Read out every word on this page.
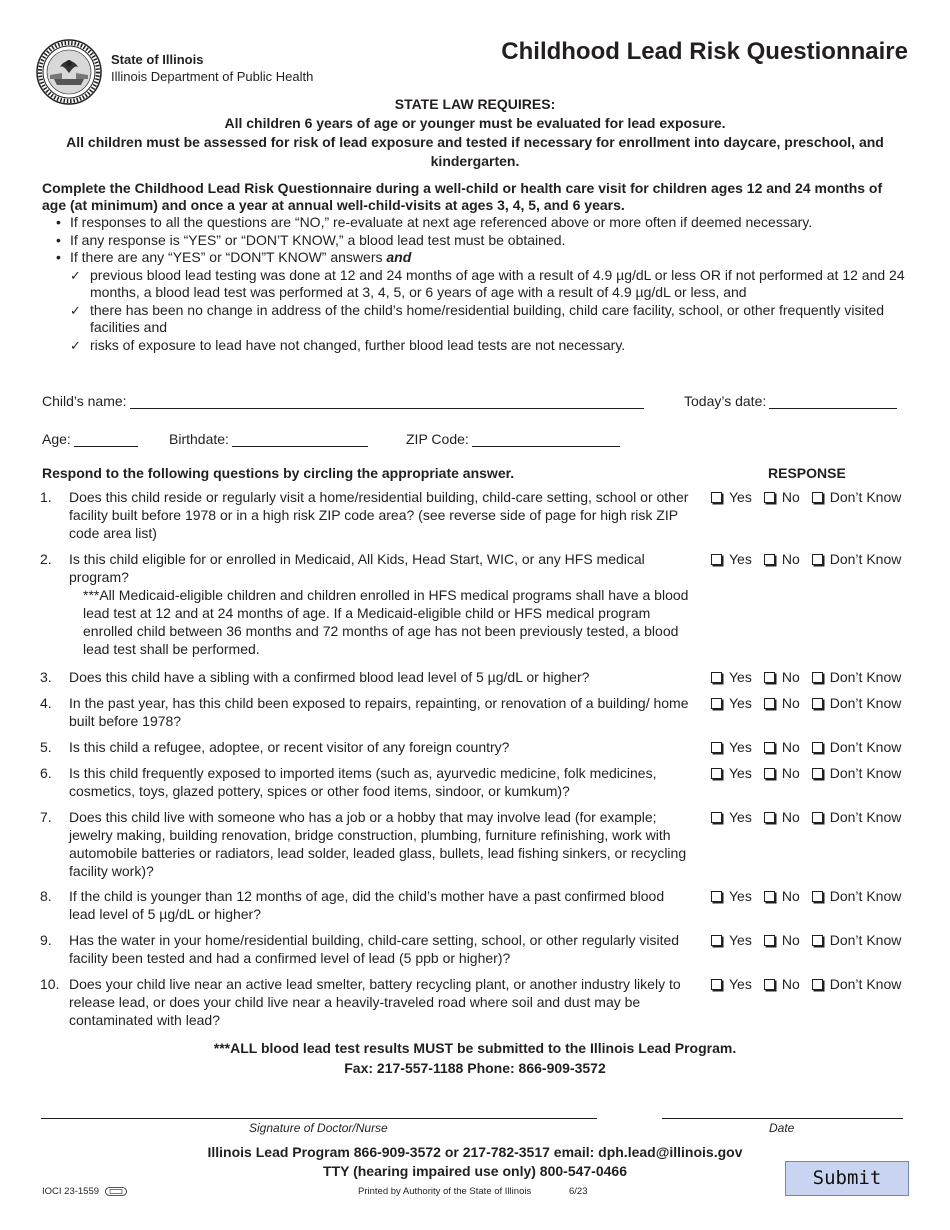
State of Illinois
Illinois Department of Public Health
Childhood Lead Risk Questionnaire
STATE LAW REQUIRES:
All children 6 years of age or younger must be evaluated for lead exposure.
All children must be assessed for risk of lead exposure and tested if necessary for enrollment into daycare, preschool, and kindergarten.
Complete the Childhood Lead Risk Questionnaire during a well-child or health care visit for children ages 12 and 24 months of age (at minimum) and once a year at annual well-child-visits at ages 3, 4, 5, and 6 years.
• If responses to all the questions are “NO,” re-evaluate at next age referenced above or more often if deemed necessary.
• If any response is “YES” or “DON’T KNOW,” a blood lead test must be obtained.
• If there are any “YES” or “DON”T KNOW” answers and
✓ previous blood lead testing was done at 12 and 24 months of age with a result of 4.9 µg/dL or less OR if not performed at 12 and 24 months, a blood lead test was performed at 3, 4, 5, or 6 years of age with a result of 4.9 µg/dL or less, and
✓ there has been no change in address of the child’s home/residential building, child care facility, school, or other frequently visited facilities and
✓ risks of exposure to lead have not changed, further blood lead tests are not necessary.
Child’s name:	Today’s date:
Age:	Birthdate:	ZIP Code:
Respond to the following questions by circling the appropriate answer.	RESPONSE
1.	Does this child reside or regularly visit a home/residential building, child-care setting, school or other facility built before 1978 or in a high risk ZIP code area? (see reverse side of page for high risk ZIP code area list)
Yes No Don’t Know
2.	Is this child eligible for or enrolled in Medicaid, All Kids, Head Start, WIC, or any HFS medical program?
***All Medicaid-eligible children and children enrolled in HFS medical programs shall have a blood lead test at 12 and at 24 months of age. If a Medicaid-eligible child or HFS medical program enrolled child between 36 months and 72 months of age has not been previously tested, a blood lead test shall be performed.
Yes No Don’t Know
3.	Does this child have a sibling with a confirmed blood lead level of 5 µg/dL or higher?	Yes No Don’t Know
4.	In the past year, has this child been exposed to repairs, repainting, or renovation of a building/ home built before 1978?
Yes No Don’t Know
5.	Is this child a refugee, adoptee, or recent visitor of any foreign country?	Yes No Don’t Know
6.	Is this child frequently exposed to imported items (such as, ayurvedic medicine, folk medicines, cosmetics, toys, glazed pottery, spices or other food items, sindoor, or kumkum)?
Yes No Don’t Know
7.	Does this child live with someone who has a job or a hobby that may involve lead (for example; jewelry making, building renovation, bridge construction, plumbing, furniture refinishing, work with automobile batteries or radiators, lead solder, leaded glass, bullets, lead fishing sinkers, or recycling facility work)?
Yes No Don’t Know
8.	If the child is younger than 12 months of age, did the child’s mother have a past confirmed blood lead level of 5 µg/dL or higher?
Yes No Don’t Know
9.	Has the water in your home/residential building, child-care setting, school, or other regularly visited facility been tested and had a confirmed level of lead (5 ppb or higher)?
Yes No Don’t Know
10. Does your child live near an active lead smelter, battery recycling plant, or another industry likely to release lead, or does your child live near a heavily-traveled road where soil and dust may be contaminated with lead?
Yes No Don’t Know
***ALL blood lead test results MUST be submitted to the Illinois Lead Program.
Fax: 217-557-1188 Phone: 866-909-3572
Signature of Doctor/Nurse	Date
Illinois Lead Program 866-909-3572 or 217-782-3517 email: dph.lead@illinois.gov
TTY (hearing impaired use only) 800-547-0466
IOCI 23-1559	Printed by Authority of the State of Illinois	6/23
Submit
